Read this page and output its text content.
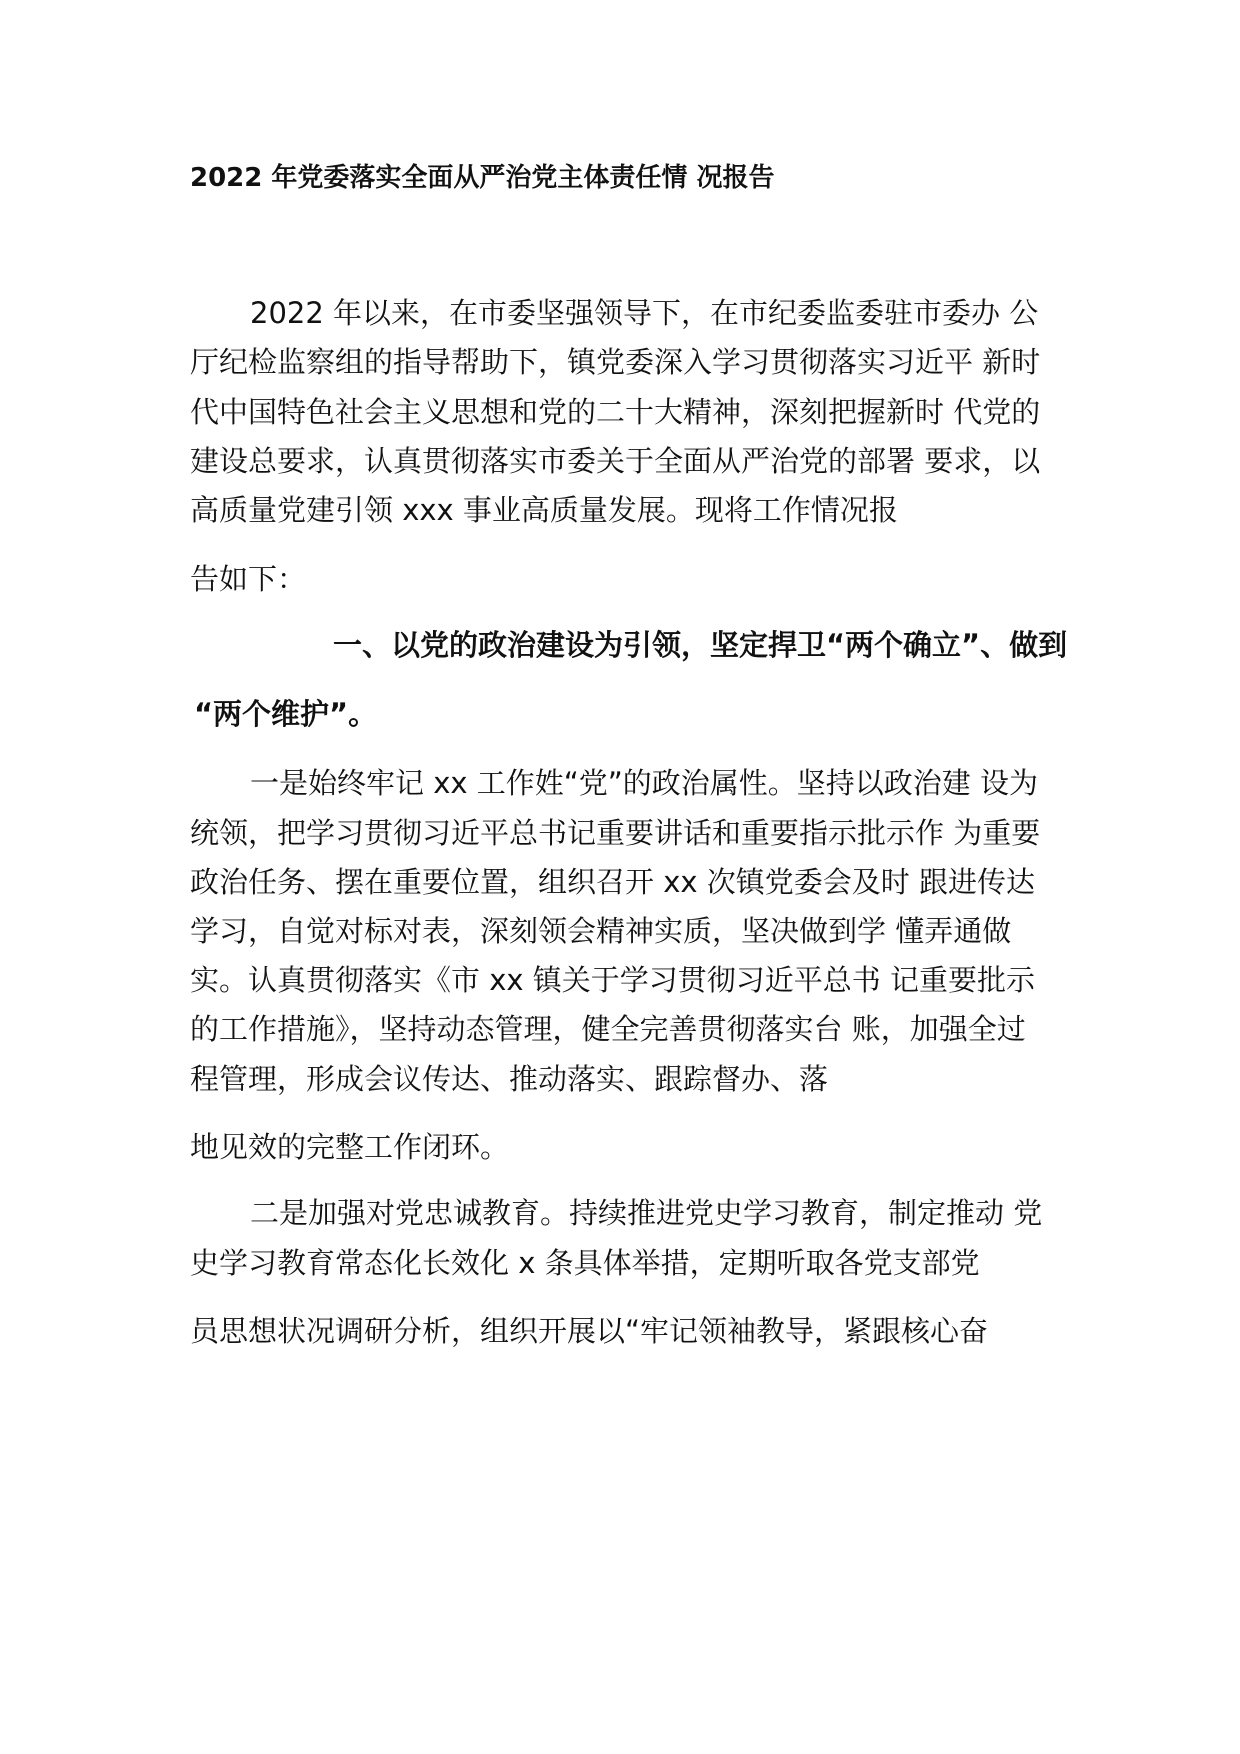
2022 年党委落实全面从严治党主体责任情 况报告

2022 年以来，在市委坚强领导下，在市纪委监委驻市委办 公

厅纪检监察组的指导帮助下，镇党委深入学习贯彻落实习近平 新时

代中国特色社会主义思想和党的二十大精神，深刻把握新时 代党的

建设总要求，认真贯彻落实市委关于全面从严治党的部署 要求，以

高质量党建引领 xxx 事业高质量发展。现将工作情况报

告如下：

一、以党的政治建设为引领，坚定捍卫“两个确立”、做到

“两个维护”。

一是始终牢记 xx 工作姓“党”的政治属性。坚持以政治建 设为

统领，把学习贯彻习近平总书记重要讲话和重要指示批示作 为重要

政治任务、摆在重要位置，组织召开 xx 次镇党委会及时 跟进传达

学习，自觉对标对表，深刻领会精神实质，坚决做到学 懂弄通做

实。认真贯彻落实《市 xx 镇关于学习贯彻习近平总书 记重要批示

的工作措施》，坚持动态管理，健全完善贯彻落实台 账，加强全过

程管理，形成会议传达、推动落实、跟踪督办、落

地见效的完整工作闭环。

二是加强对党忠诚教育。持续推进党史学习教育，制定推动 党

史学习教育常态化长效化 x 条具体举措，定期听取各党支部党

员思想状况调研分析，组织开展以“牢记领袖教导，紧跟核心奋
